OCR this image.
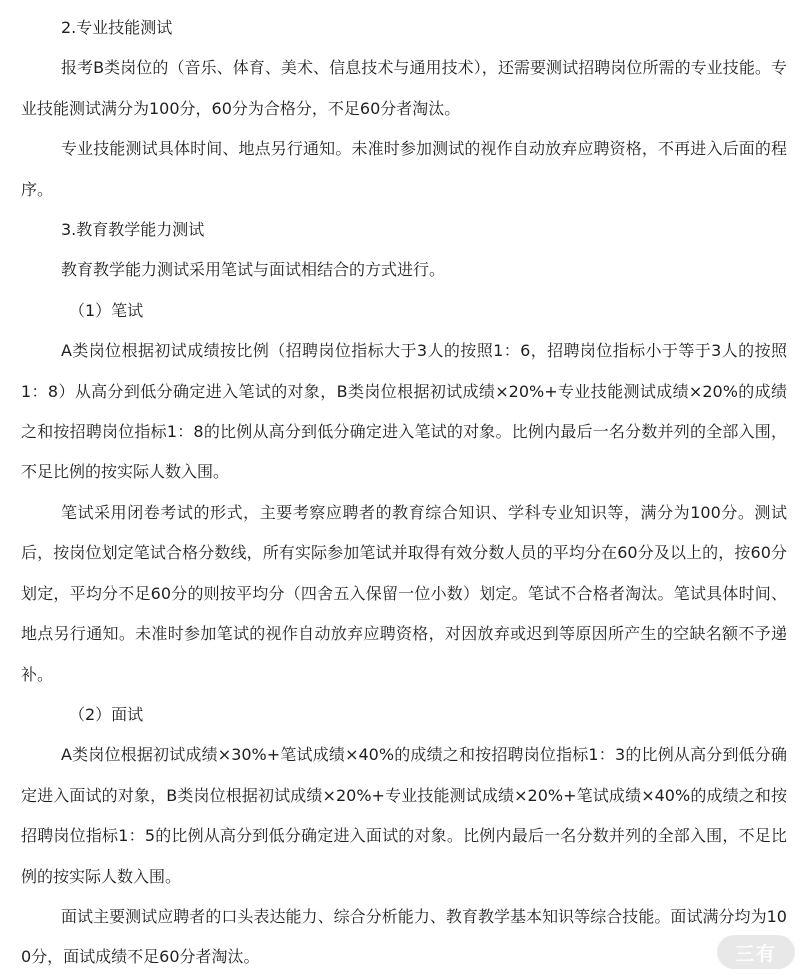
2.专业技能测试

报考B类岗位的（音乐、体育、美术、信息技术与通用技术），还需要测试招聘岗位所需的专业技能。专业技能测试满分为100分，60分为合格分，不足60分者淘汰。

专业技能测试具体时间、地点另行通知。未准时参加测试的视作自动放弃应聘资格，不再进入后面的程序。

3.教育教学能力测试

教育教学能力测试采用笔试与面试相结合的方式进行。

（1）笔试

A类岗位根据初试成绩按比例（招聘岗位指标大于3人的按照1：6，招聘岗位指标小于等于3人的按照1：8）从高分到低分确定进入笔试的对象，B类岗位根据初试成绩×20%+专业技能测试成绩×20%的成绩之和按招聘岗位指标1：8的比例从高分到低分确定进入笔试的对象。比例内最后一名分数并列的全部入围，不足比例的按实际人数入围。

笔试采用闭卷考试的形式，主要考察应聘者的教育综合知识、学科专业知识等，满分为100分。测试后，按岗位划定笔试合格分数线，所有实际参加笔试并取得有效分数人员的平均分在60分及以上的，按60分划定，平均分不足60分的则按平均分（四舍五入保留一位小数）划定。笔试不合格者淘汰。笔试具体时间、地点另行通知。未准时参加笔试的视作自动放弃应聘资格，对因放弃或迟到等原因所产生的空缺名额不予递补。

（2）面试

A类岗位根据初试成绩×30%+笔试成绩×40%的成绩之和按招聘岗位指标1：3的比例从高分到低分确定进入面试的对象，B类岗位根据初试成绩×20%+专业技能测试成绩×20%+笔试成绩×40%的成绩之和按招聘岗位指标1：5的比例从高分到低分确定进入面试的对象。比例内最后一名分数并列的全部入围，不足比例的按实际人数入围。

面试主要测试应聘者的口头表达能力、综合分析能力、教育教学基本知识等综合技能。面试满分均为100分，面试成绩不足60分者淘汰。	三有
